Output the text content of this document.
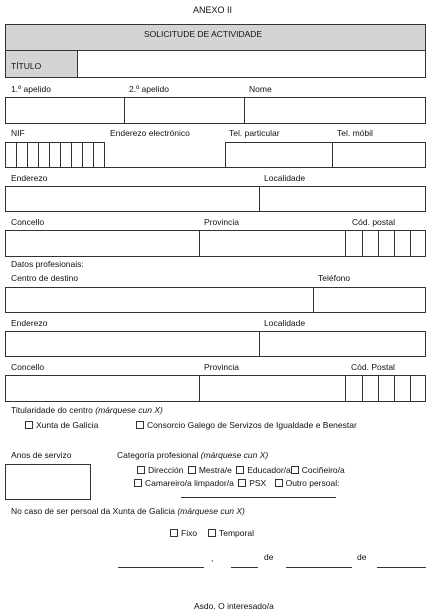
ANEXO II
SOLICITUDE DE ACTIVIDADE
TÍTULO
1.º apelido	2.º apelido	Nome
NIF	Enderezo electrónico	Tel. particular	Tel. móbil
Enderezo	Localidade
Concello	Provincia	Cód. postal
Datos profesionais:
Centro de destino	Teléfono
Enderezo	Localidade
Concello	Provincia	Cód. Postal
Titularidade do centro (márquese cun X)
Xunta de Galicia	Consorcio Galego de Servizos de Igualdade e Benestar
Anos de servizo	Categoría profesional (márquese cun X)
Dirección Mestra/e Educador/a Cociñeiro/a
Camareiro/a limpador/a PSX Outro persoal:
No caso de ser persoal da Xunta de Galicia (márquese cun X)
Fixo	Temporal
,	de	de
Asdo. O interesado/a
